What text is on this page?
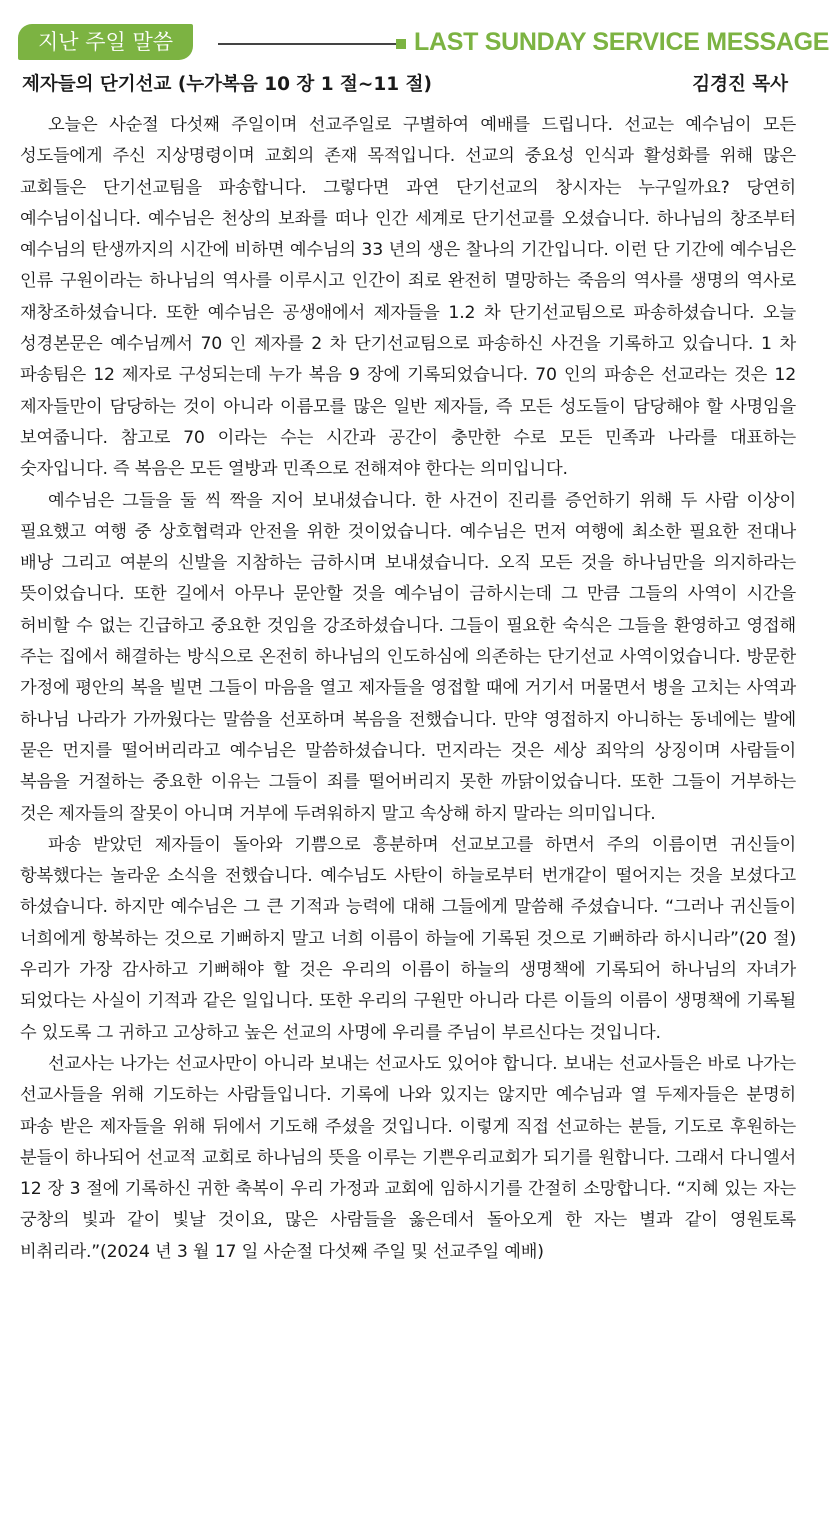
지난 주일 말씀	LAST SUNDAY SERVICE MESSAGE
제자들의 단기선교 (누가복음 10 장 1 절~11 절)	김경진 목사

오늘은 사순절 다섯째 주일이며 선교주일로 구별하여 예배를 드립니다. 선교는 예수님이 모든 성도들에게 주신 지상명령이며 교회의 존재 목적입니다. 선교의 중요성 인식과 활성화를 위해 많은 교회들은 단기선교팀을 파송합니다. 그렇다면 과연 단기선교의 창시자는 누구일까요? 당연히 예수님이십니다. 예수님은 천상의 보좌를 떠나 인간 세계로 단기선교를 오셨습니다. 하나님의 창조부터 예수님의 탄생까지의 시간에 비하면 예수님의 33 년의 생은 찰나의 기간입니다. 이런 단 기간에 예수님은 인류 구원이라는 하나님의 역사를 이루시고 인간이 죄로 완전히 멸망하는 죽음의 역사를 생명의 역사로 재창조하셨습니다. 또한 예수님은 공생애에서 제자들을 1.2 차 단기선교팀으로 파송하셨습니다. 오늘 성경본문은 예수님께서 70 인 제자를 2 차 단기선교팀으로 파송하신 사건을 기록하고 있습니다. 1 차 파송팀은 12 제자로 구성되는데 누가 복음 9 장에 기록되었습니다. 70 인의 파송은 선교라는 것은 12 제자들만이 담당하는 것이 아니라 이름모를 많은 일반 제자들, 즉 모든 성도들이 담당해야 할 사명임을 보여줍니다. 참고로 70 이라는 수는 시간과 공간이 충만한 수로 모든 민족과 나라를 대표하는 숫자입니다. 즉 복음은 모든 열방과 민족으로 전해져야 한다는 의미입니다.

예수님은 그들을 둘 씩 짝을 지어 보내셨습니다. 한 사건이 진리를 증언하기 위해 두 사람 이상이 필요했고 여행 중 상호협력과 안전을 위한 것이었습니다. 예수님은 먼저 여행에 최소한 필요한 전대나 배낭 그리고 여분의 신발을 지참하는 금하시며 보내셨습니다. 오직 모든 것을 하나님만을 의지하라는 뜻이었습니다. 또한 길에서 아무나 문안할 것을 예수님이 금하시는데 그 만큼 그들의 사역이 시간을 허비할 수 없는 긴급하고 중요한 것임을 강조하셨습니다. 그들이 필요한 숙식은 그들을 환영하고 영접해 주는 집에서 해결하는 방식으로 온전히 하나님의 인도하심에 의존하는 단기선교 사역이었습니다. 방문한 가정에 평안의 복을 빌면 그들이 마음을 열고 제자들을 영접할 때에 거기서 머물면서 병을 고치는 사역과 하나님 나라가 가까웠다는 말씀을 선포하며 복음을 전했습니다. 만약 영접하지 아니하는 동네에는 발에 묻은 먼지를 떨어버리라고 예수님은 말씀하셨습니다. 먼지라는 것은 세상 죄악의 상징이며 사람들이 복음을 거절하는 중요한 이유는 그들이 죄를 떨어버리지 못한 까닭이었습니다. 또한 그들이 거부하는 것은 제자들의 잘못이 아니며 거부에 두려워하지 말고 속상해 하지 말라는 의미입니다.

파송 받았던 제자들이 돌아와 기쁨으로 흥분하며 선교보고를 하면서 주의 이름이면 귀신들이 항복했다는 놀라운 소식을 전했습니다. 예수님도 사탄이 하늘로부터 번개같이 떨어지는 것을 보셨다고 하셨습니다. 하지만 예수님은 그 큰 기적과 능력에 대해 그들에게 말씀해 주셨습니다. “그러나 귀신들이 너희에게 항복하는 것으로 기뻐하지 말고 너희 이름이 하늘에 기록된 것으로 기뻐하라 하시니라”(20 절) 우리가 가장 감사하고 기뻐해야 할 것은 우리의 이름이 하늘의 생명책에 기록되어 하나님의 자녀가 되었다는 사실이 기적과 같은 일입니다. 또한 우리의 구원만 아니라 다른 이들의 이름이 생명책에 기록될 수 있도록 그 귀하고 고상하고 높은 선교의 사명에 우리를 주님이 부르신다는 것입니다.

선교사는 나가는 선교사만이 아니라 보내는 선교사도 있어야 합니다. 보내는 선교사들은 바로 나가는 선교사들을 위해 기도하는 사람들입니다. 기록에 나와 있지는 않지만 예수님과 열 두제자들은 분명히 파송 받은 제자들을 위해 뒤에서 기도해 주셨을 것입니다. 이렇게 직접 선교하는 분들, 기도로 후원하는 분들이 하나되어 선교적 교회로 하나님의 뜻을 이루는 기쁜우리교회가 되기를 원합니다. 그래서 다니엘서 12 장 3 절에 기록하신 귀한 축복이 우리 가정과 교회에 임하시기를 간절히 소망합니다. “지혜 있는 자는 궁창의 빛과 같이 빛날 것이요, 많은 사람들을 옳은데서 돌아오게 한 자는 별과 같이 영원토록 비취리라.”(2024 년 3 월 17 일 사순절 다섯째 주일 및 선교주일 예배)
